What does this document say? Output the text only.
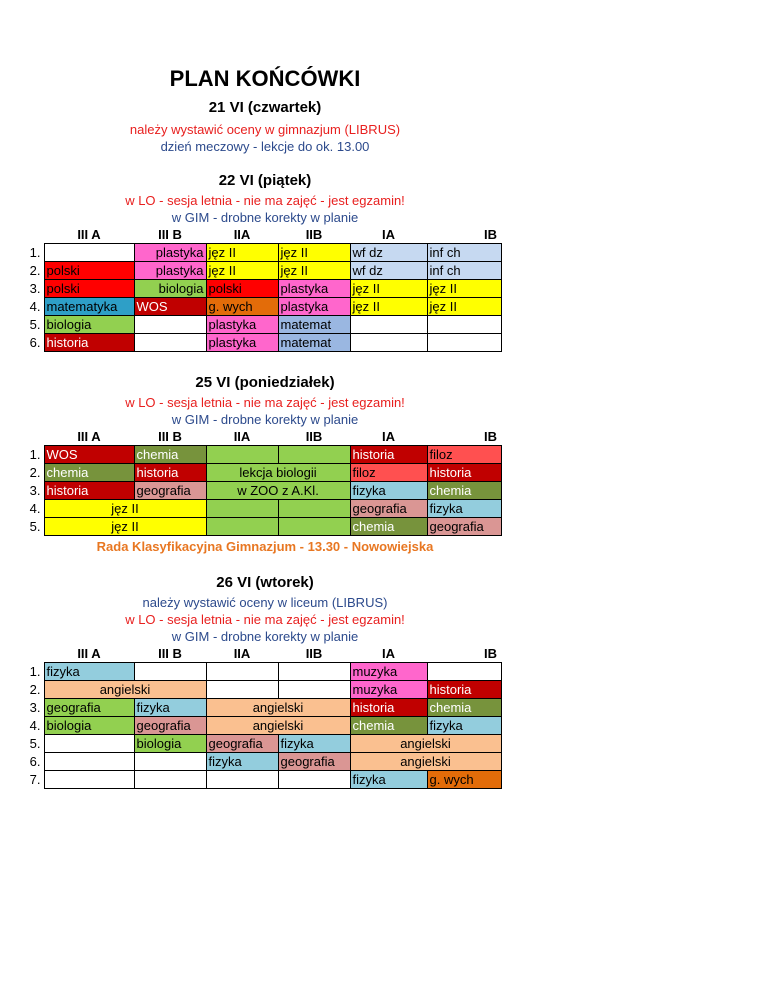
PLAN KOŃCÓWKI
21 VI (czwartek)
należy wystawić oceny w gimnazjum (LIBRUS)
dzień meczowy - lekcje do ok. 13.00
22 VI (piątek)
w LO - sesja letnia - nie ma zajęć - jest egzamin!
w GIM - drobne korekty w planie
	III A	III B	IIA	IIB	IA	IB
1.		plastyka	jęz II	jęz II	wf dz	inf ch
2.	polski	plastyka	jęz II	jęz II	wf dz	inf ch
3.	polski	biologia	polski	plastyka	jęz II	jęz II
4.	matematyka	WOS	g. wych	plastyka	jęz II	jęz II
5.	biologia		plastyka	matemat		
6.	historia		plastyka	matemat		
25 VI (poniedziałek)
w LO - sesja letnia - nie ma zajęć - jest egzamin!
w GIM - drobne korekty w planie
	III A	III B	IIA	IIB	IA	IB
1.	WOS	chemia			historia	filoz
2.	chemia	historia	lekcja biologii		filoz	historia
3.	historia	geografia	w ZOO z A.Kl.		fizyka	chemia
4.	jęz II				geografia	fizyka
5.	jęz II				chemia	geografia
Rada Klasyfikacyjna Gimnazjum - 13.30 - Nowowiejska
26 VI (wtorek)
należy wystawić oceny w liceum (LIBRUS)
w LO - sesja letnia - nie ma zajęć - jest egzamin!
w GIM - drobne korekty w planie
	III A	III B	IIA	IIB	IA	IB
1.	fizyka				muzyka	
2.	angielski				muzyka	historia
3.	geografia	fizyka	angielski		historia	chemia
4.	biologia	geografia	angielski		chemia	fizyka
5.		biologia	geografia	fizyka	angielski	
6.			fizyka	geografia	angielski	
7.					fizyka	g. wych
